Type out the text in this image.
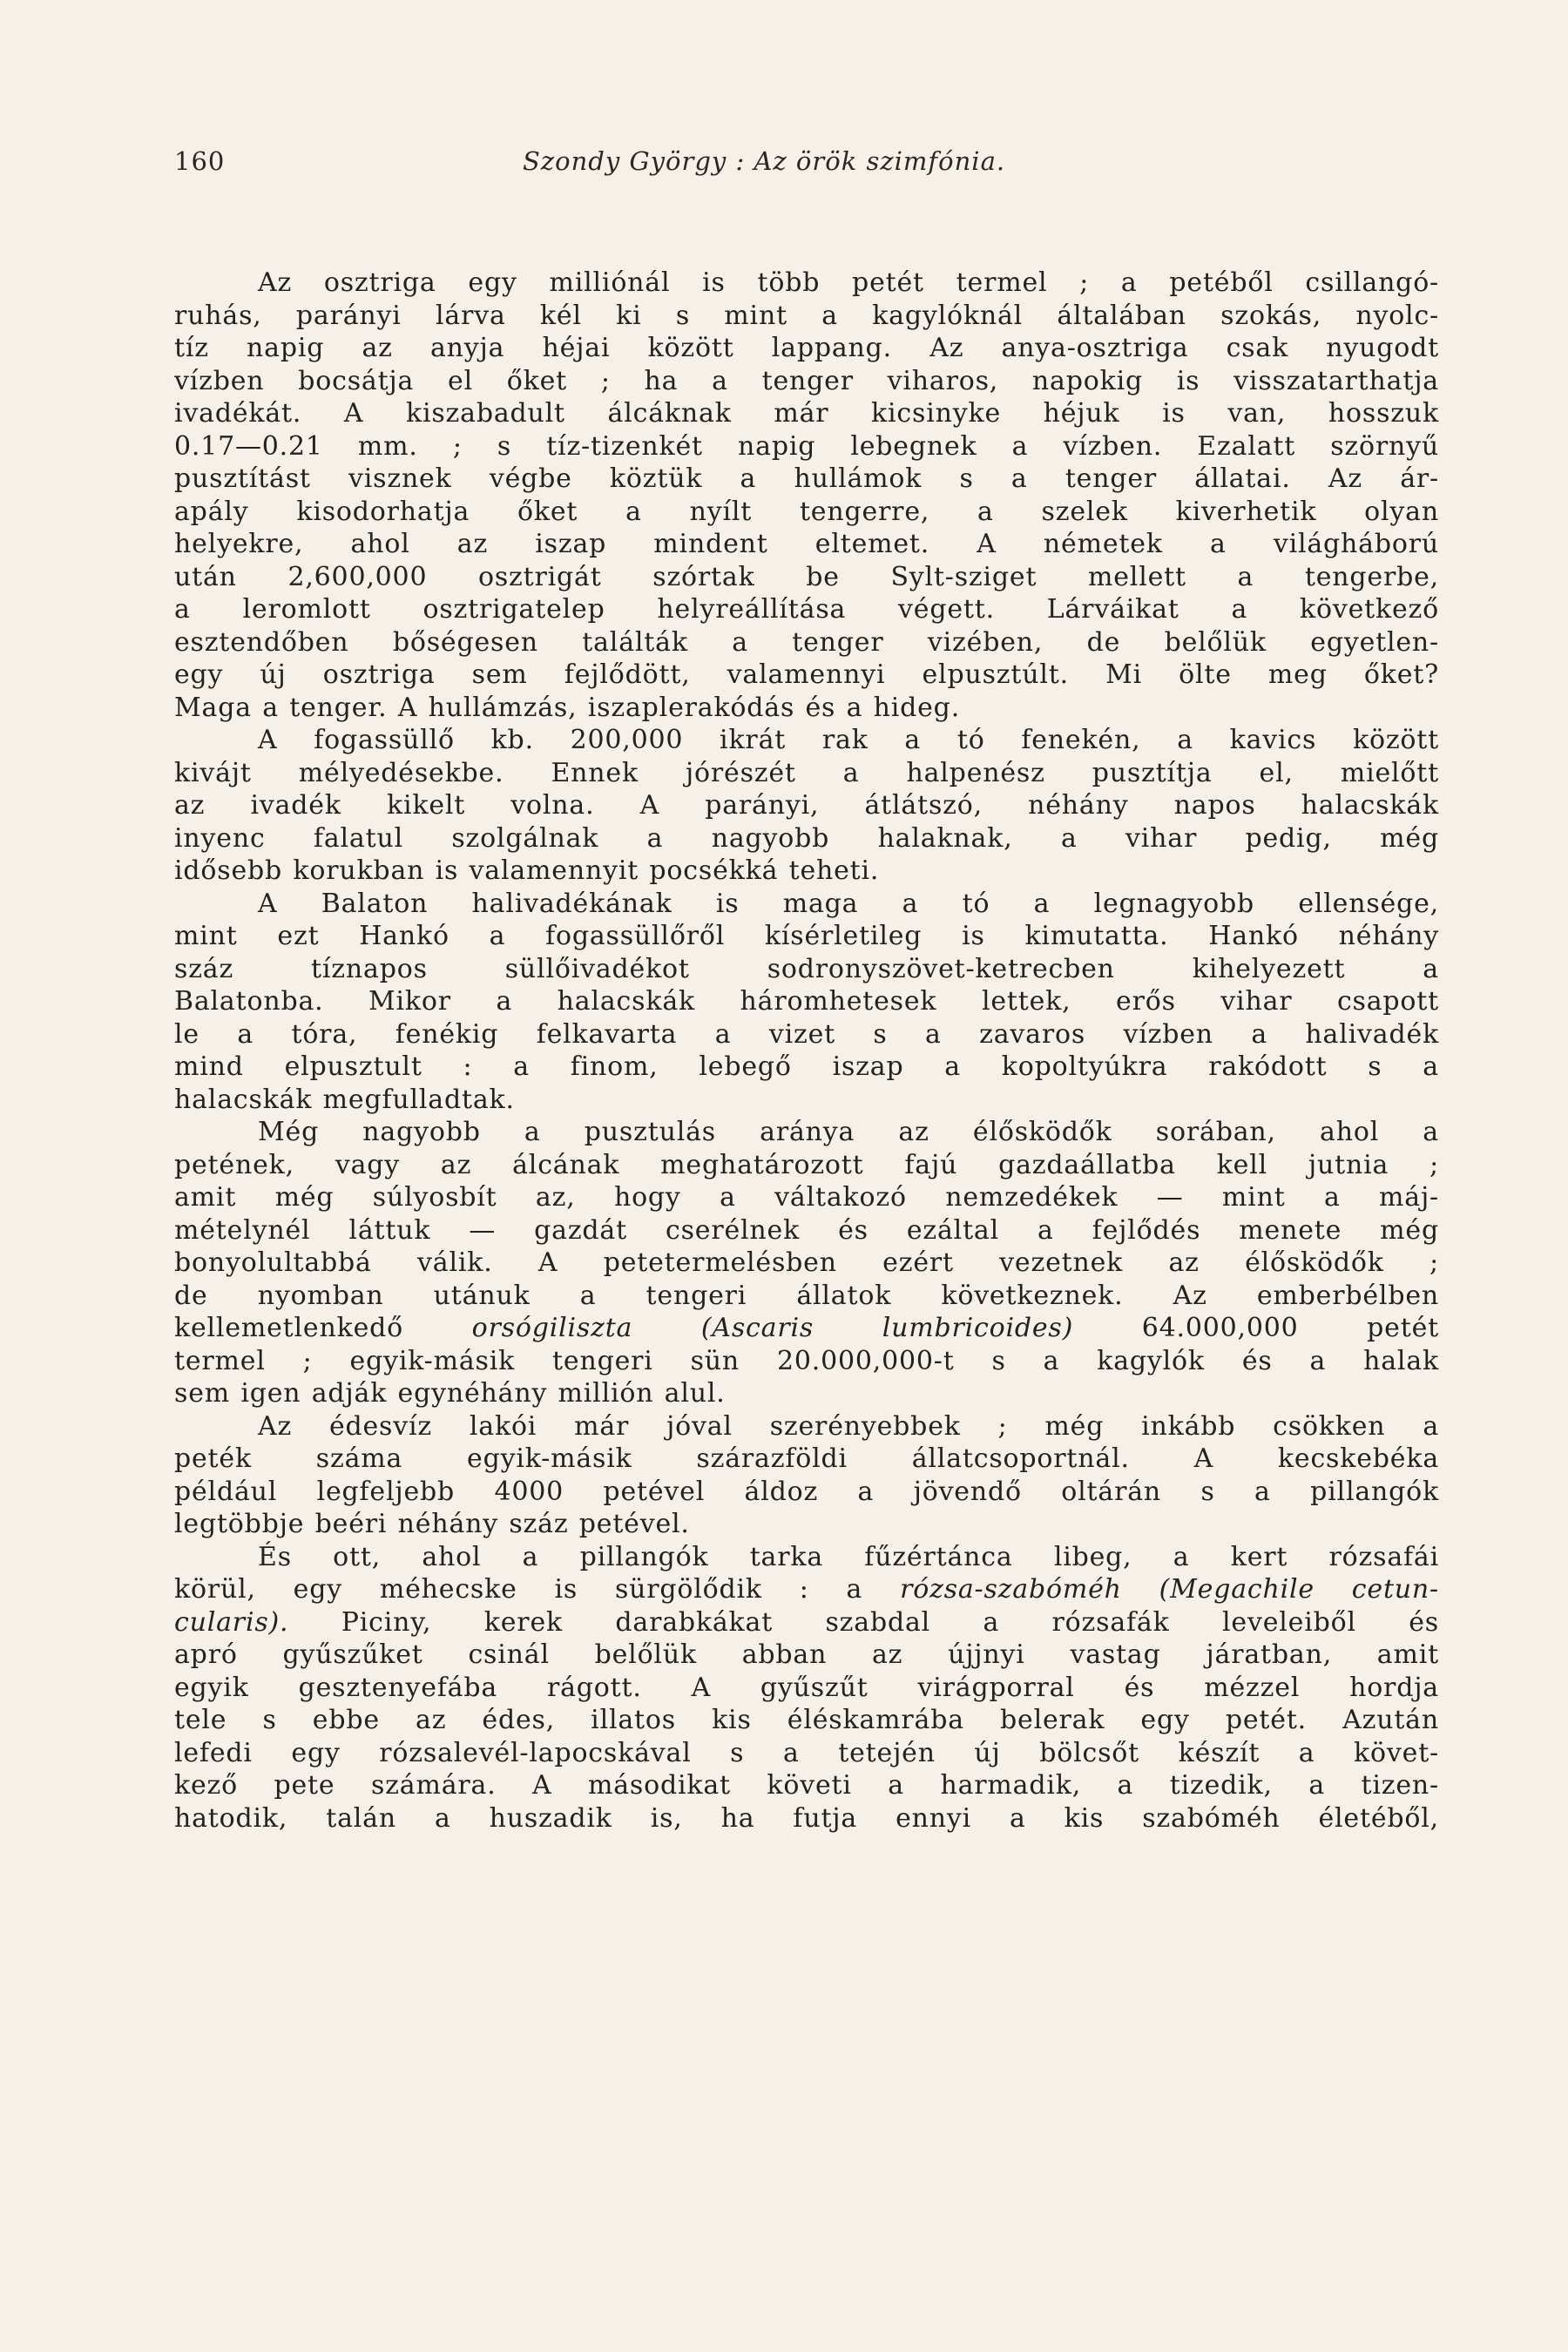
160	Szondy György : Az örök szimfónia.
Az osztriga egy milliónál is több petét termel ; a petéből csillangó-
ruhás, parányi lárva kél ki s mint a kagylóknál általában szokás, nyolc-
tíz napig az anyja héjai között lappang. Az anya-osztriga csak nyugodt
vízben bocsátja el őket ; ha a tenger viharos, napokig is visszatarthatja
ivadékát. A kiszabadult álcáknak már kicsinyke héjuk is van, hosszuk
0.17—0.21 mm. ; s tíz-tizenkét napig lebegnek a vízben. Ezalatt szörnyű
pusztítást visznek végbe köztük a hullámok s a tenger állatai. Az ár-
apály kisodorhatja őket a nyílt tengerre, a szelek kiverhetik olyan
helyekre, ahol az iszap mindent eltemet. A németek a világháború
után 2,600,000 osztrigát szórtak be Sylt-sziget mellett a tengerbe,
a leromlott osztrigatelep helyreállítása végett. Lárváikat a következő
esztendőben bőségesen találták a tenger vizében, de belőlük egyetlen-
egy új osztriga sem fejlődött, valamennyi elpusztúlt. Mi ölte meg őket?
Maga a tenger. A hullámzás, iszaplerakódás és a hideg.
A fogassüllő kb. 200,000 ikrát rak a tó fenekén, a kavics között
kivájt mélyedésekbe. Ennek jórészét a halpenész pusztítja el, mielőtt
az ivadék kikelt volna. A parányi, átlátszó, néhány napos halacskák
inyenc falatul szolgálnak a nagyobb halaknak, a vihar pedig, még
idősebb korukban is valamennyit pocsékká teheti.
A Balaton halivadékának is maga a tó a legnagyobb ellensége,
mint ezt Hankó a fogassüllőről kísérletileg is kimutatta. Hankó néhány
száz tíznapos süllőivadékot sodronyszövet-ketrecben kihelyezett a
Balatonba. Mikor a halacskák háromhetesek lettek, erős vihar csapott
le a tóra, fenékig felkavarta a vizet s a zavaros vízben a halivadék
mind elpusztult : a finom, lebegő iszap a kopoltyúkra rakódott s a
halacskák megfulladtak.
Még nagyobb a pusztulás aránya az élősködők sorában, ahol a
petének, vagy az álcának meghatározott fajú gazdaállatba kell jutnia ;
amit még súlyosbít az, hogy a váltakozó nemzedékek — mint a máj-
mételynél láttuk — gazdát cserélnek és ezáltal a fejlődés menete még
bonyolultabbá válik. A petetermelésben ezért vezetnek az élősködők ;
de nyomban utánuk a tengeri állatok következnek. Az emberbélben
kellemetlenkedő orsógiliszta (Ascaris lumbricoides) 64.000,000 petét
termel ; egyik-másik tengeri sün 20.000,000-t s a kagylók és a halak
sem igen adják egynéhány millión alul.
Az édesvíz lakói már jóval szerényebbek ; még inkább csökken a
peték száma egyik-másik szárazföldi állatcsoportnál. A kecskebéka
például legfeljebb 4000 petével áldoz a jövendő oltárán s a pillangók
legtöbbje beéri néhány száz petével.
És ott, ahol a pillangók tarka fűzértánca libeg, a kert rózsafái
körül, egy méhecske is sürgölődik : a rózsa-szabóméh (Megachile cetun-
cularis). Piciny, kerek darabkákat szabdal a rózsafák leveleiből és
apró gyűszűket csinál belőlük abban az újjnyi vastag járatban, amit
egyik gesztenyefába rágott. A gyűszűt virágporral és mézzel hordja
tele s ebbe az édes, illatos kis éléskamrába belerak egy petét. Azután
lefedi egy rózsalevél-lapocskával s a tetején új bölcsőt készít a követ-
kező pete számára. A másodikat követi a harmadik, a tizedik, a tizen-
hatodik, talán a huszadik is, ha futja ennyi a kis szabóméh életéből,
